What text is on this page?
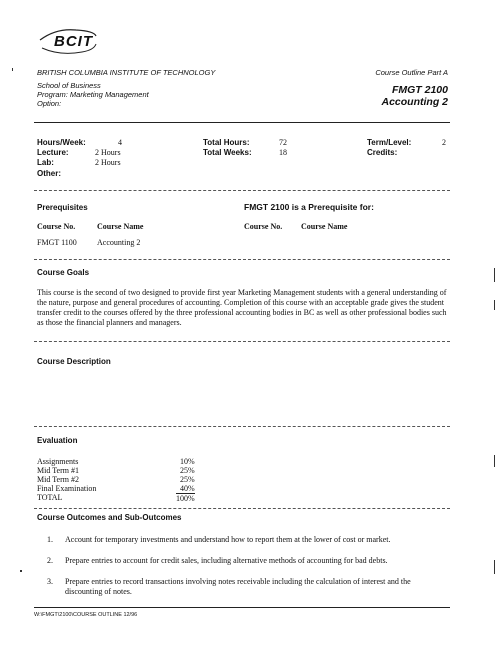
BCIT
BRITISH COLUMBIA INSTITUTE OF TECHNOLOGY
School of Business
Program: Marketing Management
Option:
Course Outline Part A
FMGT 2100
Accounting 2
Hours/Week:	4
Lecture:	2 Hours
Lab:	2 Hours
Other:
Total Hours:	72
Total Weeks:	18
Term/Level:	2
Credits:
Prerequisites	FMGT 2100 is a Prerequisite for:
Course No.	Course Name	Course No. Course Name
FMGT 1100	Accounting 2
Course Goals
This course is the second of two designed to provide first year Marketing Management students with a general understanding of the nature, purpose and general procedures of accounting. Completion of this course with an acceptable grade gives the student transfer credit to the courses offered by the three professional accounting bodies in BC as well as other professional bodies such as those the financial planners and managers.
Course Description
Evaluation
Assignments	10%
Mid Term #1	25%
Mid Term #2	25%
Final Examination	40%
TOTAL	100%
Course Outcomes and Sub-Outcomes
1. Account for temporary investments and understand how to report them at the lower of cost or market.
2. Prepare entries to account for credit sales, including alternative methods of accounting for bad debts.
3. Prepare entries to record transactions involving notes receivable including the calculation of interest and the discounting of notes.
W:\FMGT\2100\COURSE OUTLINE 12/96
